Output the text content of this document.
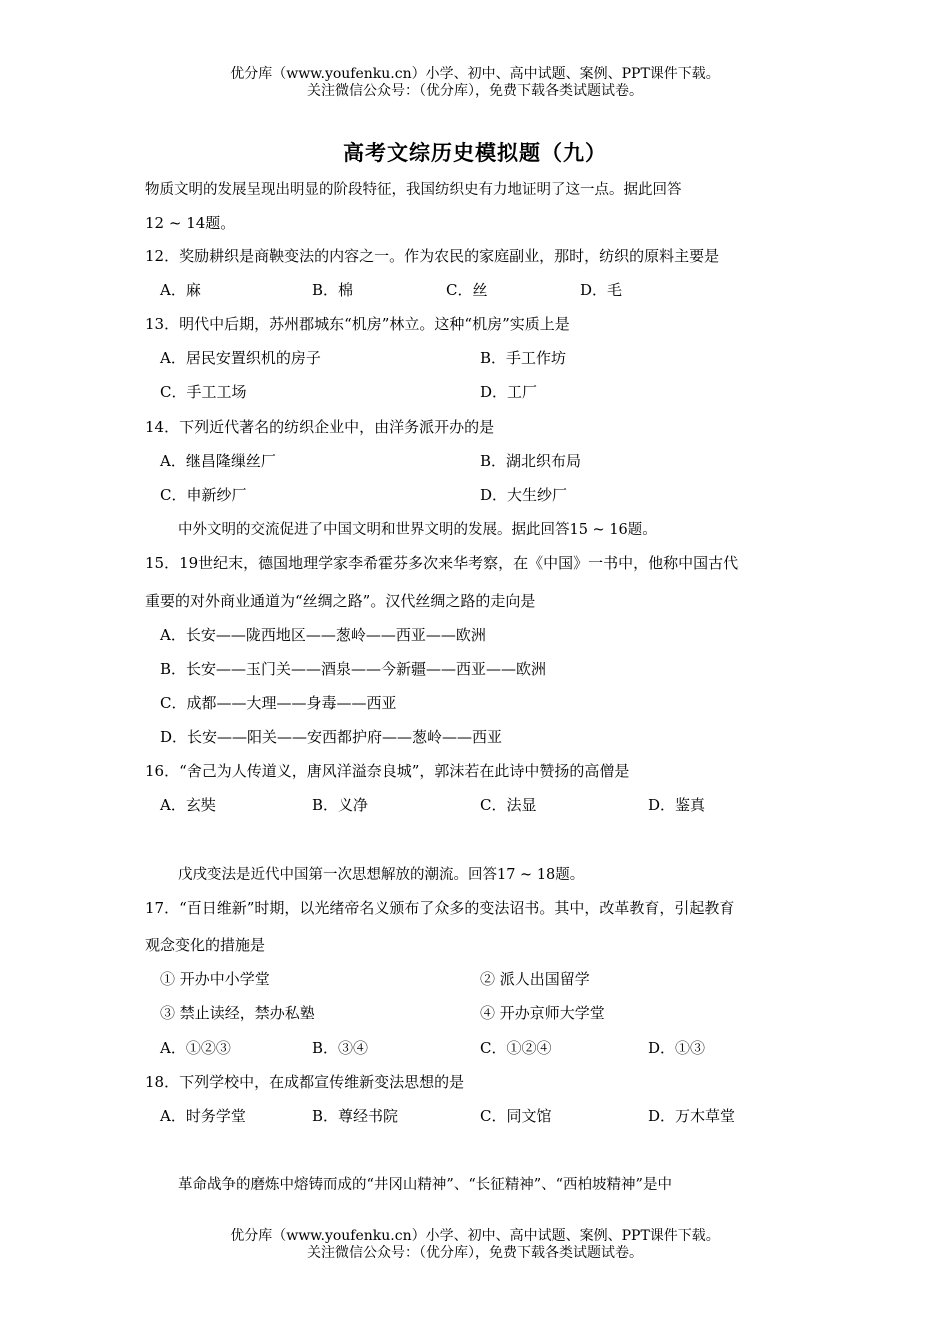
优分库（www.youfenku.cn）小学、初中、高中试题、案例、PPT课件下载。
关注微信公众号：（优分库），免费下载各类试题试卷。
高考文综历史模拟题（九）
物质文明的发展呈现出明显的阶段特征，我国纺织史有力地证明了这一点。据此回答
12 ~ 14题。
12．奖励耕织是商鞅变法的内容之一。作为农民的家庭副业，那时，纺织的原料主要是
A．麻	B．棉	C．丝	D．毛
13．明代中后期，苏州郡城东“机房”林立。这种“机房”实质上是
A．居民安置织机的房子	B．手工作坊
C．手工工场	D．工厂
14．下列近代著名的纺织企业中，由洋务派开办的是
A．继昌隆缫丝厂	B．湖北织布局
C．申新纱厂	D．大生纱厂
中外文明的交流促进了中国文明和世界文明的发展。据此回答15 ~ 16题。
15．19世纪末，德国地理学家李希霍芬多次来华考察，在《中国》一书中，他称中国古代
重要的对外商业通道为“丝绸之路”。汉代丝绸之路的走向是
A．长安——陇西地区——葱岭——西亚——欧洲
B．长安——玉门关——酒泉——今新疆——西亚——欧洲
C．成都——大理——身毒——西亚
D．长安——阳关——安西都护府——葱岭——西亚
16．“舍己为人传道义，唐风洋溢奈良城”，郭沫若在此诗中赞扬的高僧是
A．玄奘	B．义净	C．法显	D．鉴真
戊戌变法是近代中国第一次思想解放的潮流。回答17 ~ 18题。
17．“百日维新”时期，以光绪帝名义颁布了众多的变法诏书。其中，改革教育，引起教育
观念变化的措施是
① 开办中小学堂	② 派人出国留学
③ 禁止读经，禁办私塾	④ 开办京师大学堂
A．①②③	B．③④	C．①②④	D．①③
18．下列学校中，在成都宣传维新变法思想的是
A．时务学堂	B．尊经书院	C．同文馆	D．万木草堂
革命战争的磨炼中熔铸而成的“井冈山精神”、“长征精神”、“西柏坡精神”是中
优分库（www.youfenku.cn）小学、初中、高中试题、案例、PPT课件下载。
关注微信公众号：（优分库），免费下载各类试题试卷。
